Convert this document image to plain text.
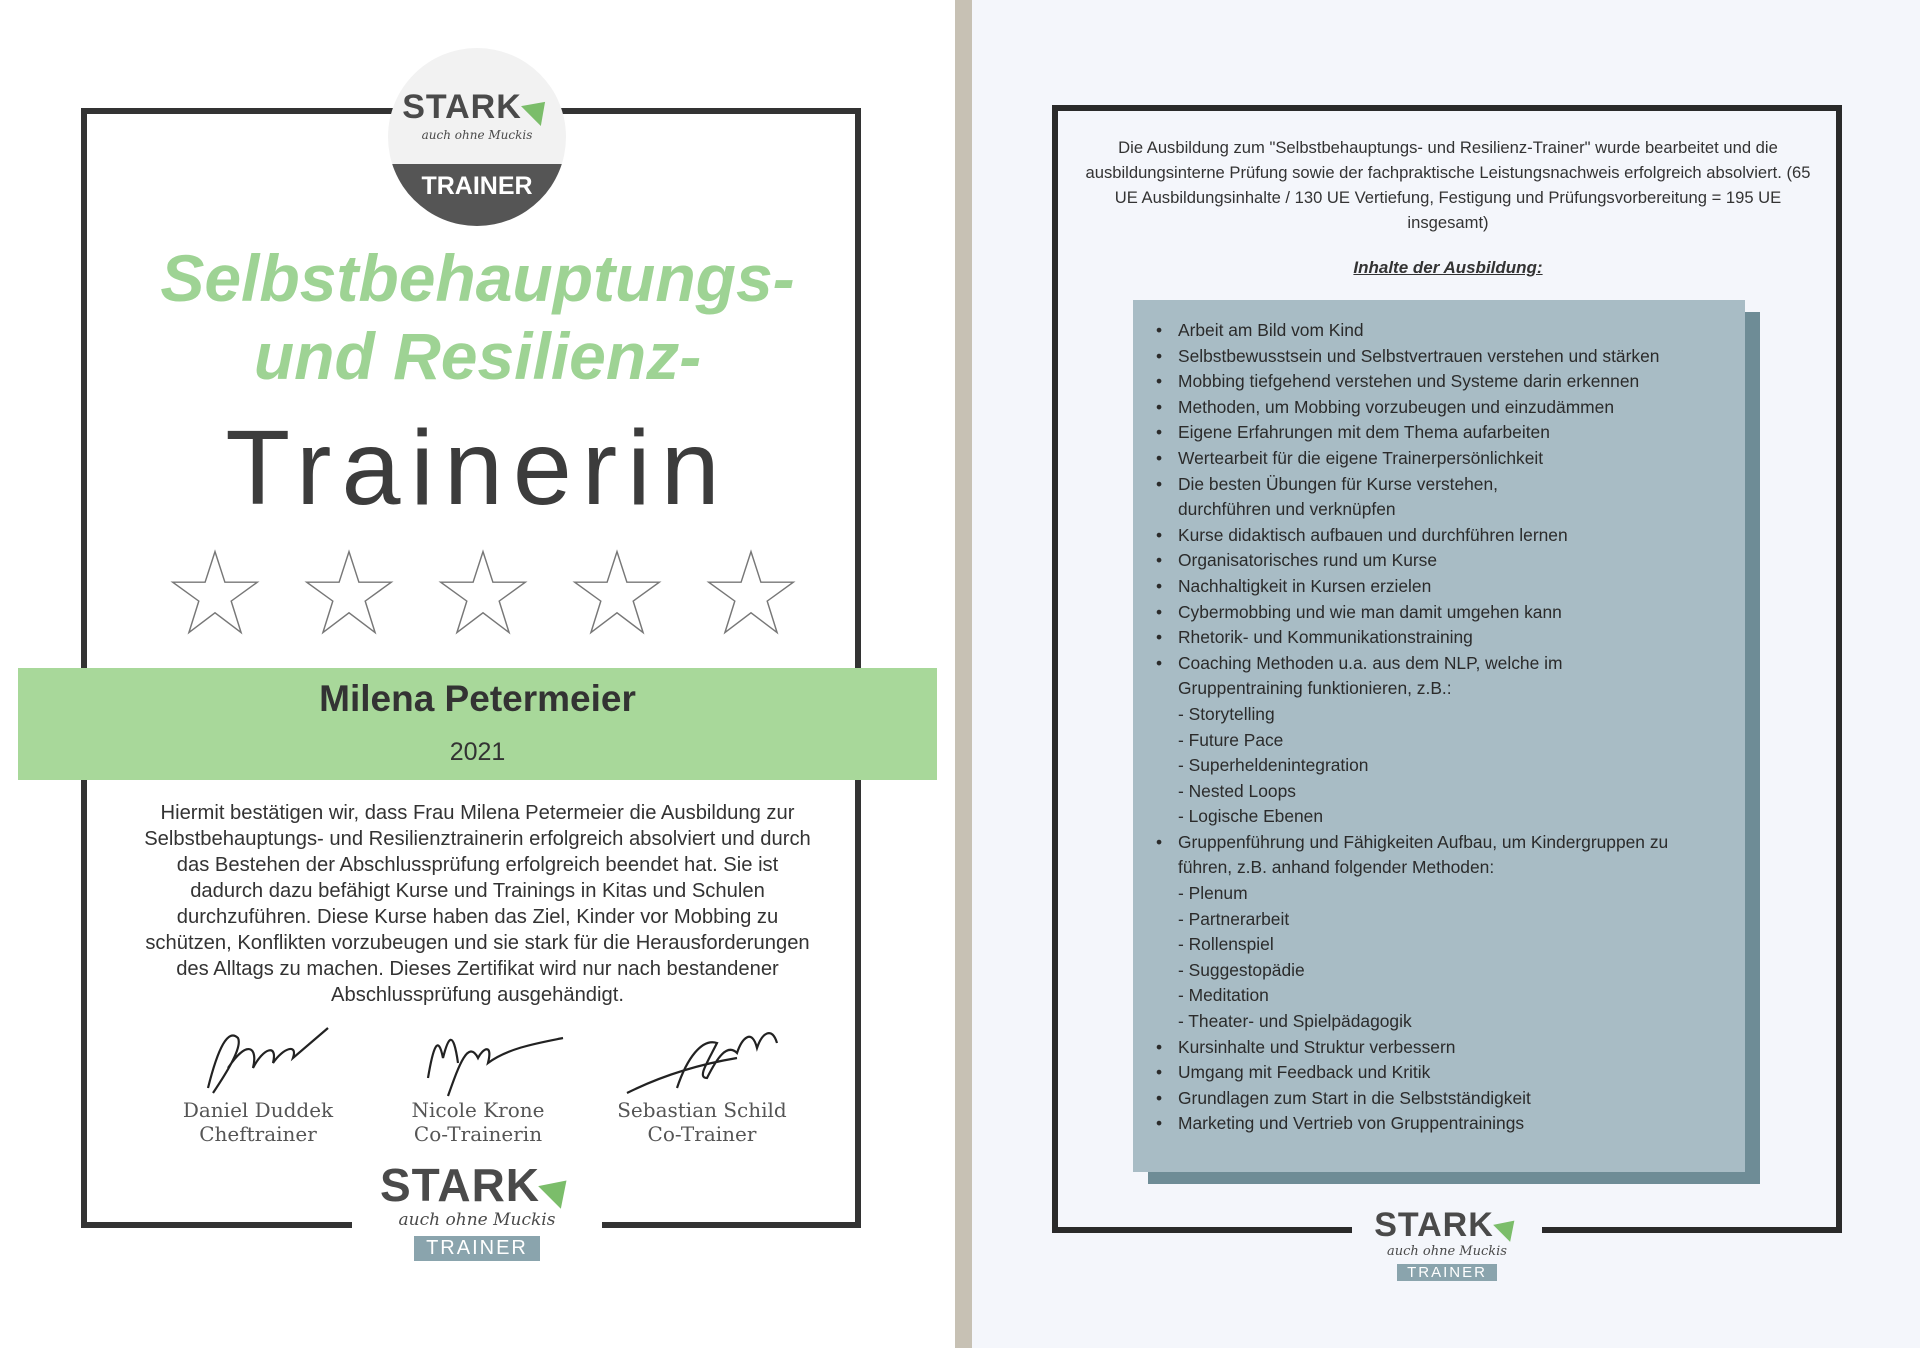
STARK
auch ohne Muckis
TRAINER
Selbstbehauptungs-
und Resilienz-
Trainerin
Milena Petermeier
2021
Hiermit bestätigen wir, dass Frau Milena Petermeier die Ausbildung zur Selbstbehauptungs- und Resilienztrainerin erfolgreich absolviert und durch das Bestehen der Abschlussprüfung erfolgreich beendet hat. Sie ist dadurch dazu befähigt Kurse und Trainings in Kitas und Schulen durchzuführen. Diese Kurse haben das Ziel, Kinder vor Mobbing zu schützen, Konflikten vorzubeugen und sie stark für die Herausforderungen des Alltags zu machen. Dieses Zertifikat wird nur nach bestandener Abschlussprüfung ausgehändigt.
Daniel Duddek
Cheftrainer
Nicole Krone
Co-Trainerin
Sebastian Schild
Co-Trainer
STARK
auch ohne Muckis
TRAINER
Die Ausbildung zum "Selbstbehauptungs- und Resilienz-Trainer" wurde bearbeitet und die ausbildungsinterne Prüfung sowie der fachpraktische Leistungsnachweis erfolgreich absolviert. (65 UE Ausbildungsinhalte / 130 UE Vertiefung, Festigung und Prüfungsvorbereitung = 195 UE insgesamt)
Inhalte der Ausbildung:
• Arbeit am Bild vom Kind
• Selbstbewusstsein und Selbstvertrauen verstehen und stärken
• Mobbing tiefgehend verstehen und Systeme darin erkennen
• Methoden, um Mobbing vorzubeugen und einzudämmen
• Eigene Erfahrungen mit dem Thema aufarbeiten
• Wertearbeit für die eigene Trainerpersönlichkeit
• Die besten Übungen für Kurse verstehen,
durchführen und verknüpfen
• Kurse didaktisch aufbauen und durchführen lernen
• Organisatorisches rund um Kurse
• Nachhaltigkeit in Kursen erzielen
• Cybermobbing und wie man damit umgehen kann
• Rhetorik- und Kommunikationstraining
• Coaching Methoden u.a. aus dem NLP, welche im
Gruppentraining funktionieren, z.B.:
- Storytelling
- Future Pace
- Superheldenintegration
- Nested Loops
- Logische Ebenen
• Gruppenführung und Fähigkeiten Aufbau, um Kindergruppen zu
führen, z.B. anhand folgender Methoden:
- Plenum
- Partnerarbeit
- Rollenspiel
- Suggestopädie
- Meditation
- Theater- und Spielpädagogik
• Kursinhalte und Struktur verbessern
• Umgang mit Feedback und Kritik
• Grundlagen zum Start in die Selbstständigkeit
• Marketing und Vertrieb von Gruppentrainings
STARK
auch ohne Muckis
TRAINER
